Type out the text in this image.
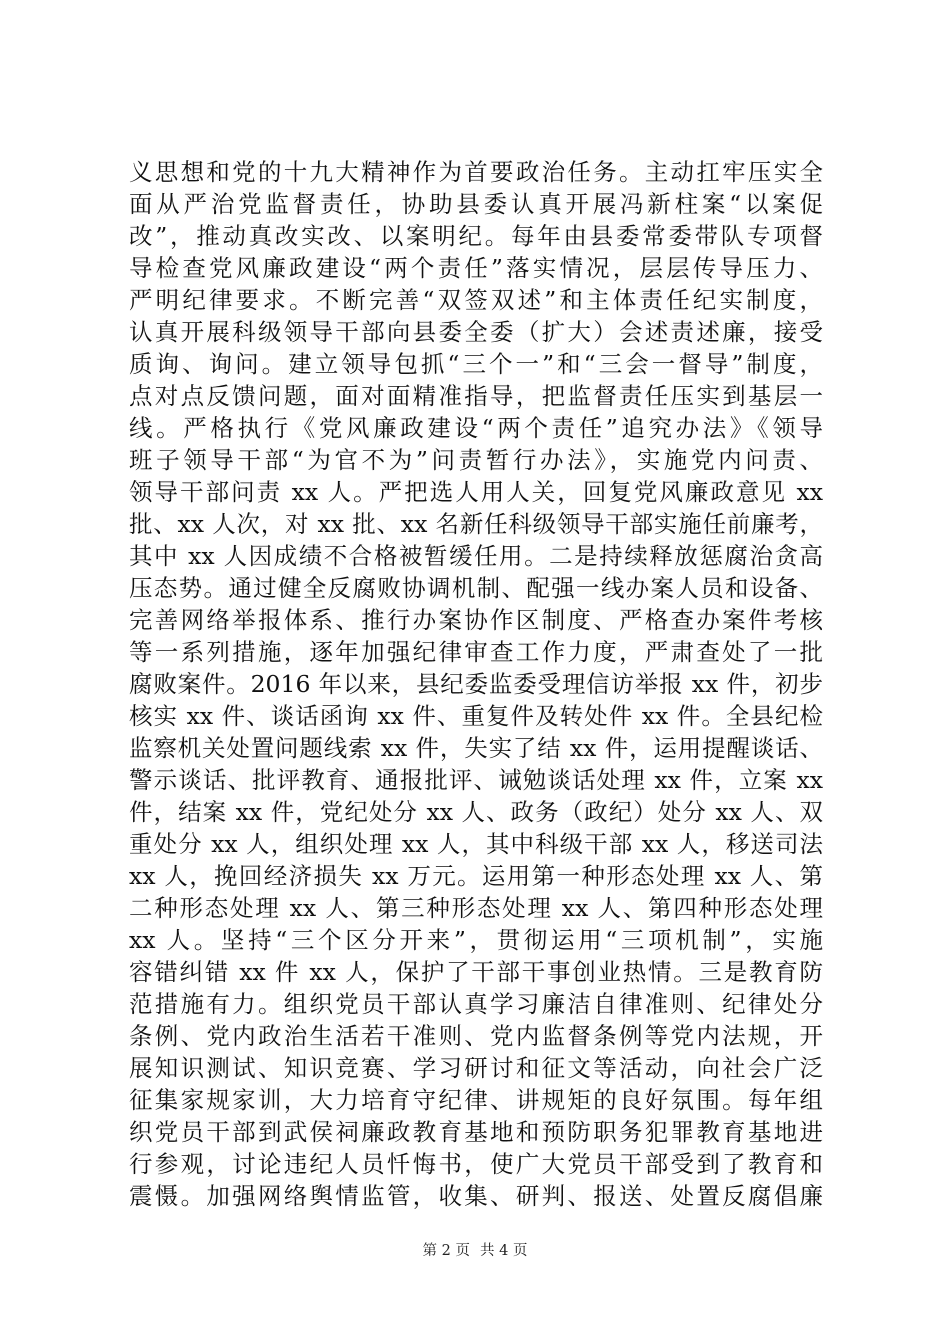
义思想和党的十九大精神作为首要政治任务。主动扛牢压实全
面从严治党监督责任，协助县委认真开展冯新柱案“以案促
改”，推动真改实改、以案明纪。每年由县委常委带队专项督
导检查党风廉政建设“两个责任”落实情况，层层传导压力、
严明纪律要求。不断完善“双签双述”和主体责任纪实制度，
认真开展科级领导干部向县委全委（扩大）会述责述廉，接受
质询、询问。建立领导包抓“三个一”和“三会一督导”制度，
点对点反馈问题，面对面精准指导，把监督责任压实到基层一
线。严格执行《党风廉政建设“两个责任”追究办法》《领导
班子领导干部“为官不为”问责暂行办法》，实施党内问责、
领导干部问责 xx 人。严把选人用人关，回复党风廉政意见 xx
批、xx 人次，对 xx 批、xx 名新任科级领导干部实施任前廉考，
其中 xx 人因成绩不合格被暂缓任用。二是持续释放惩腐治贪高
压态势。通过健全反腐败协调机制、配强一线办案人员和设备、
完善网络举报体系、推行办案协作区制度、严格查办案件考核
等一系列措施，逐年加强纪律审查工作力度，严肃查处了一批
腐败案件。2016 年以来，县纪委监委受理信访举报 xx 件，初步
核实 xx 件、谈话函询 xx 件、重复件及转处件 xx 件。全县纪检
监察机关处置问题线索 xx 件，失实了结 xx 件，运用提醒谈话、
警示谈话、批评教育、通报批评、诫勉谈话处理 xx 件，立案 xx
件，结案 xx 件，党纪处分 xx 人、政务（政纪）处分 xx 人、双
重处分 xx 人，组织处理 xx 人，其中科级干部 xx 人，移送司法
xx 人，挽回经济损失 xx 万元。运用第一种形态处理 xx 人、第
二种形态处理 xx 人、第三种形态处理 xx 人、第四种形态处理
xx 人。坚持“三个区分开来”，贯彻运用“三项机制”，实施
容错纠错 xx 件 xx 人，保护了干部干事创业热情。三是教育防
范措施有力。组织党员干部认真学习廉洁自律准则、纪律处分
条例、党内政治生活若干准则、党内监督条例等党内法规，开
展知识测试、知识竞赛、学习研讨和征文等活动，向社会广泛
征集家规家训，大力培育守纪律、讲规矩的良好氛围。每年组
织党员干部到武侯祠廉政教育基地和预防职务犯罪教育基地进
行参观，讨论违纪人员忏悔书，使广大党员干部受到了教育和
震慑。加强网络舆情监管，收集、研判、报送、处置反腐倡廉
第 2 页 共 4 页
